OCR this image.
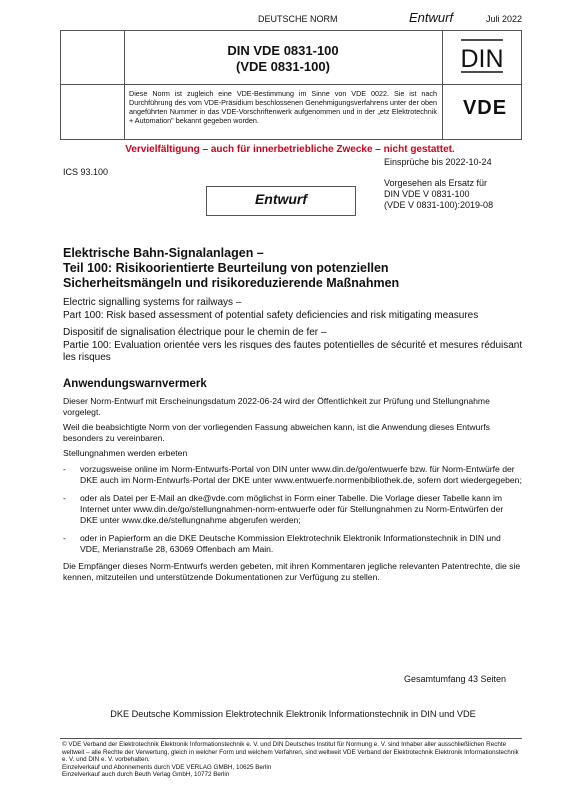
DEUTSCHE NORM	Entwurf	Juli 2022
DIN VDE 0831-100
(VDE 0831-100)	DIN
Diese Norm ist zugleich eine VDE-Bestimmung im Sinne von VDE 0022. Sie ist nach Durchführung des vom VDE-Präsidium beschlossenen Genehmigungsverfahrens unter der oben angeführten Nummer in das VDE-Vorschriftenwerk aufgenommen und in der „etz Elektrotechnik + Automation" bekannt gegeben worden.
VDE
Vervielfältigung – auch für innerbetriebliche Zwecke – nicht gestattet.
Einsprüche bis 2022-10-24
ICS 93.100
Entwurf
Vorgesehen als Ersatz für
DIN VDE V 0831-100
(VDE V 0831-100):2019-08
Elektrische Bahn-Signalanlagen –
Teil 100: Risikoorientierte Beurteilung von potenziellen
Sicherheitsmängeln und risikoreduzierende Maßnahmen
Electric signalling systems for railways –
Part 100: Risk based assessment of potential safety deficiencies and risk mitigating measures
Dispositif de signalisation électrique pour le chemin de fer –
Partie 100: Evaluation orientée vers les risques des fautes potentielles de sécurité et mesures réduisant les risques
Anwendungswarnvermerk
Dieser Norm-Entwurf mit Erscheinungsdatum 2022-06-24 wird der Öffentlichkeit zur Prüfung und Stellungnahme vorgelegt.
Weil die beabsichtigte Norm von der vorliegenden Fassung abweichen kann, ist die Anwendung dieses Entwurfs besonders zu vereinbaren.
Stellungnahmen werden erbeten
-	vorzugsweise online im Norm-Entwurfs-Portal von DIN unter www.din.de/go/entwuerfe bzw. für Norm-Entwürfe der DKE auch im Norm-Entwurfs-Portal der DKE unter www.entwuerfe.normenbibliothek.de, sofern dort wiedergegeben;
-	oder als Datei per E-Mail an dke@vde.com möglichst in Form einer Tabelle. Die Vorlage dieser Tabelle kann im Internet unter www.din.de/go/stellungnahmen-norm-entwuerfe oder für Stellungnahmen zu Norm-Entwürfen der DKE unter www.dke.de/stellungnahme abgerufen werden;
-	oder in Papierform an die DKE Deutsche Kommission Elektrotechnik Elektronik Informationstechnik in DIN und VDE, Merianstraße 28, 63069 Offenbach am Main.
Die Empfänger dieses Norm-Entwurfs werden gebeten, mit ihren Kommentaren jegliche relevanten Patentrechte, die sie kennen, mitzuteilen und unterstützende Dokumentationen zur Verfügung zu stellen.
Gesamtumfang 43 Seiten
DKE Deutsche Kommission Elektrotechnik Elektronik Informationstechnik in DIN und VDE
© VDE Verband der Elektrotechnik Elektronik Informationstechnik e. V. und DIN Deutsches Institut für Normung e. V. sind Inhaber aller ausschließlichen Rechte weltweit – alle Rechte der Verwertung, gleich in welcher Form und welchem Verfahren, sind weltweit VDE Verband der Elektrotechnik Elektronik Informationstechnik e. V. und DIN e. V. vorbehalten.
Einzelverkauf und Abonnements durch VDE VERLAG GMBH, 10625 Berlin
Einzelverkauf auch durch Beuth Verlag GmbH, 10772 Berlin
